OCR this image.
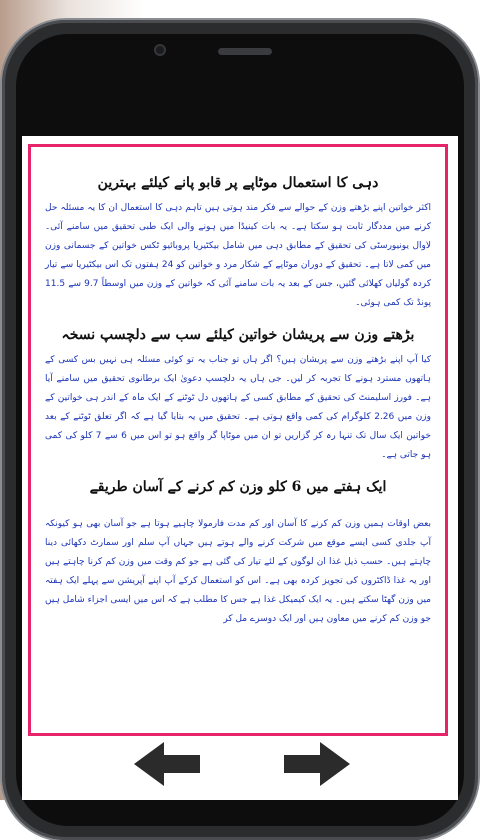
دہی کا استعمال موٹاپے پر قابو پانے کیلئے بہترین

اکثر خواتین اپنے بڑھتے وزن کے حوالے سے فکر مند ہوتی ہیں تاہم دہی کا استعمال ان کا یہ مسئلہ حل کرنے میں مددگار ثابت ہو سکتا ہے۔ یہ بات کینیڈا میں ہونے والی ایک طبی تحقیق میں سامنے آئی۔ لاوال یونیورسٹی کی تحقیق کے مطابق دہی میں شامل بیکٹیریا پروبائیو ٹکس خواتین کے جسمانی وزن میں کمی لاتا ہے۔ تحقیق کے دوران موٹاپے کے شکار مرد و خواتین کو 24 ہفتوں تک اس بیکٹیریا سے تیار کردہ گولیاں کھلائی گئیں، جس کے بعد یہ بات سامنے آئی کہ خواتین کے وزن میں اوسطاً 9.7 سے 11.5 پونڈ تک کمی ہوئی۔

بڑھتے وزن سے پریشان خواتین کیلئے سب سے دلچسپ نسخہ

کیا آپ اپنے بڑھتے وزن سے پریشان ہیں؟ اگر ہاں تو جناب یہ تو کوئی مسئلہ ہی نہیں بس کسی کے ہاتھوں مسترد ہونے کا تجربہ کر لیں۔ جی ہاں یہ دلچسپ دعویٰ ایک برطانوی تحقیق میں سامنے آیا ہے۔ فورز اسلیمنٹ کی تحقیق کے مطابق کسی کے ہاتھوں دل ٹوٹنے کے ایک ماہ کے اندر ہی خواتین کے وزن میں 2.26 کلوگرام کی کمی واقع ہوتی ہے۔ تحقیق میں یہ بتایا گیا ہے کہ اگر تعلق ٹوٹنے کے بعد خواتین ایک سال تک تنہا رہ کر گزاریں تو ان میں موٹاپا گر واقع ہو تو اس میں 6 سے 7 کلو کی کمی ہو جاتی ہے۔

ایک ہفتے میں 6 کلو وزن کم کرنے کے آسان طریقے

بعض اوقات ہمیں وزن کم کرنے کا آسان اور کم مدت فارمولا چاہیے ہوتا ہے جو آسان بھی ہو کیونکہ آپ جلدی کسی ایسے موقع میں شرکت کرنے والے ہوتے ہیں جہاں آپ سلم اور سمارٹ دکھائی دینا چاہتے ہیں۔ حسب ذیل غذا ان لوگوں کے لئے تیار کی گئی ہے جو کم وقت میں وزن کم کرنا چاہتے ہیں اور یہ غذا ڈاکٹروں کی تجویز کردہ بھی ہے۔ اس کو استعمال کرکے آپ اپنے آپریشن سے پہلے ایک ہفتہ میں وزن گھٹا سکتے ہیں۔ یہ ایک کیمیکل غذا ہے جس کا مطلب ہے کہ اس میں ایسی اجزاء شامل ہیں جو وزن کم کرنے میں معاون ہیں اور ایک دوسرے مل کر
